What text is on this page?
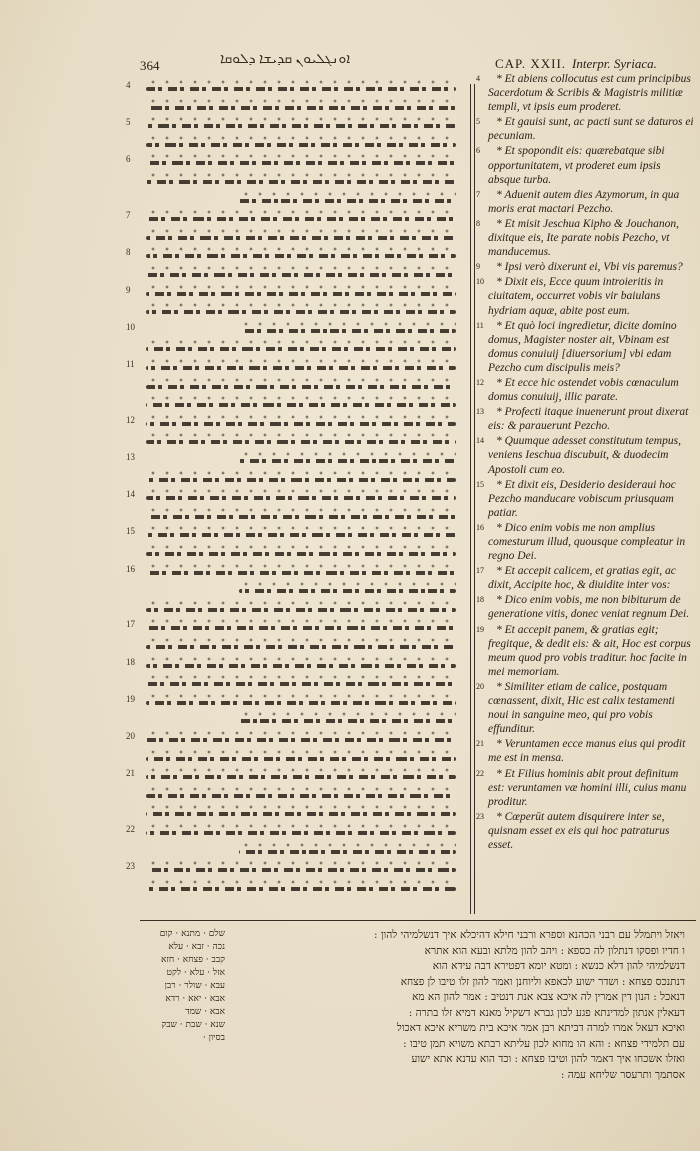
364	ܐܘܢܓܠܝܘܢ ܩܕܝܫܐ ܕܠܘܩܐ	CAP. XXII. Interpr. Syriaca.
4
5
6
7
8
9
10
11
12
13
14
15
16
17
18
19
20
21
22
23
4 * Et abiens collocutus est cum principibus Sacerdotum & Scribis & Magistris militiæ templi, vt ipsis eum proderet.
5 * Et gauisi sunt, ac pacti sunt se daturos ei pecuniam.
6 * Et spopondit eis: quærebatque sibi opportunitatem, vt proderet eum ipsis absque turba.
7 * Aduenit autem dies Azymorum, in qua moris erat mactari Pezcho.
8 * Et misit Jeschua Kipho & Jouchanon, dixitque eis, Ite parate nobis Pezcho, vt manducemus.
9 * Ipsi verò dixerunt ei, Vbi vis paremus?
10 * Dixit eis, Ecce quum introieritis in ciuitatem, occurret vobis vir baiulans hydriam aquæ, abite post eum.
11 * Et quò loci ingredietur, dicite domino domus, Magister noster ait, Vbinam est domus conuiuij [diuersorium] vbi edam Pezcho cum discipulis meis?
12 * Et ecce hic ostendet vobis cœnaculum domus conuiuij, illic parate.
13 * Profecti itaque inuenerunt prout dixerat eis: & parauerunt Pezcho.
14 * Quumque adesset constitutum tempus, veniens Ieschua discubuit, & duodecim Apostoli cum eo.
15 * Et dixit eis, Desiderio desideraui hoc Pezcho manducare vobiscum priusquam patiar.
16 * Dico enim vobis me non amplius comesturum illud, quousque compleatur in regno Dei.
17 * Et accepit calicem, et gratias egit, ac dixit, Accipite hoc, & diuidite inter vos:
18 * Dico enim vobis, me non bibiturum de generatione vitis, donec veniat regnum Dei.
19 * Et accepit panem, & gratias egit; fregitque, & dedit eis: & ait, Hoc est corpus meum quod pro vobis traditur. hoc facite in mei memoriam.
20 * Similiter etiam de calice, postquam cœnassent, dixit, Hic est calix testamenti noui in sanguine meo, qui pro vobis effunditur.
21 * Veruntamen ecce manus eius qui prodit me est in mensa.
22 * Et Filius hominis abit prout definitum est: veruntamen væ homini illi, cuius manu proditur.
23 * Cœperūt autem disquirere inter se, quisnam esset ex eis qui hoc patraturus esset.
ויאזל ויתמלל עם רבני הכהנא וספרא ורבני חילא דהיכלא איך דנשלמיהי להון :
ו חדיו ופסקו דנתלון לה כספא : ויהב להון מלתא ובעא הוא אתרא
דנשלמיהי להון דלא כנשא : ומטא יומא דפטירא דבה עידא הוא
דנתנכס פצחא : ושדר ישוע לכאפא וליוחנן ואמר להון זלו טיבו לן פצחא
דנאכל : הנון דין אמרין לה איכא צבא אנת דנטיב : אמר להון הא מא
דעאלין אנתון למדינתא פגע לכון גברא דשקיל מאנא דמיא זלו בתרה :
ואיכא דעאל אמרו למרה דביתא רבן אמר איכא בית משריא איכא דאכול
עם תלמידי פצחא : והא הו מחוא לכון עליתא רבתא משויא תמן טיבו :
ואזלו אשכחו איך דאמר להון וטיבו פצחא : וכד הוא עדנא אתא ישוע
אסתמך ותרעסר שליחא עמה :
שלם · מתנא · קום
נכה · זבא · עלא
קבב · פצחא · חזא
אזל · עלא · לקט
עבא · שולר · רבן
אבא · יאא · רדא
אבא · שמד
שנא · שבת · שבק
בסיון ·
